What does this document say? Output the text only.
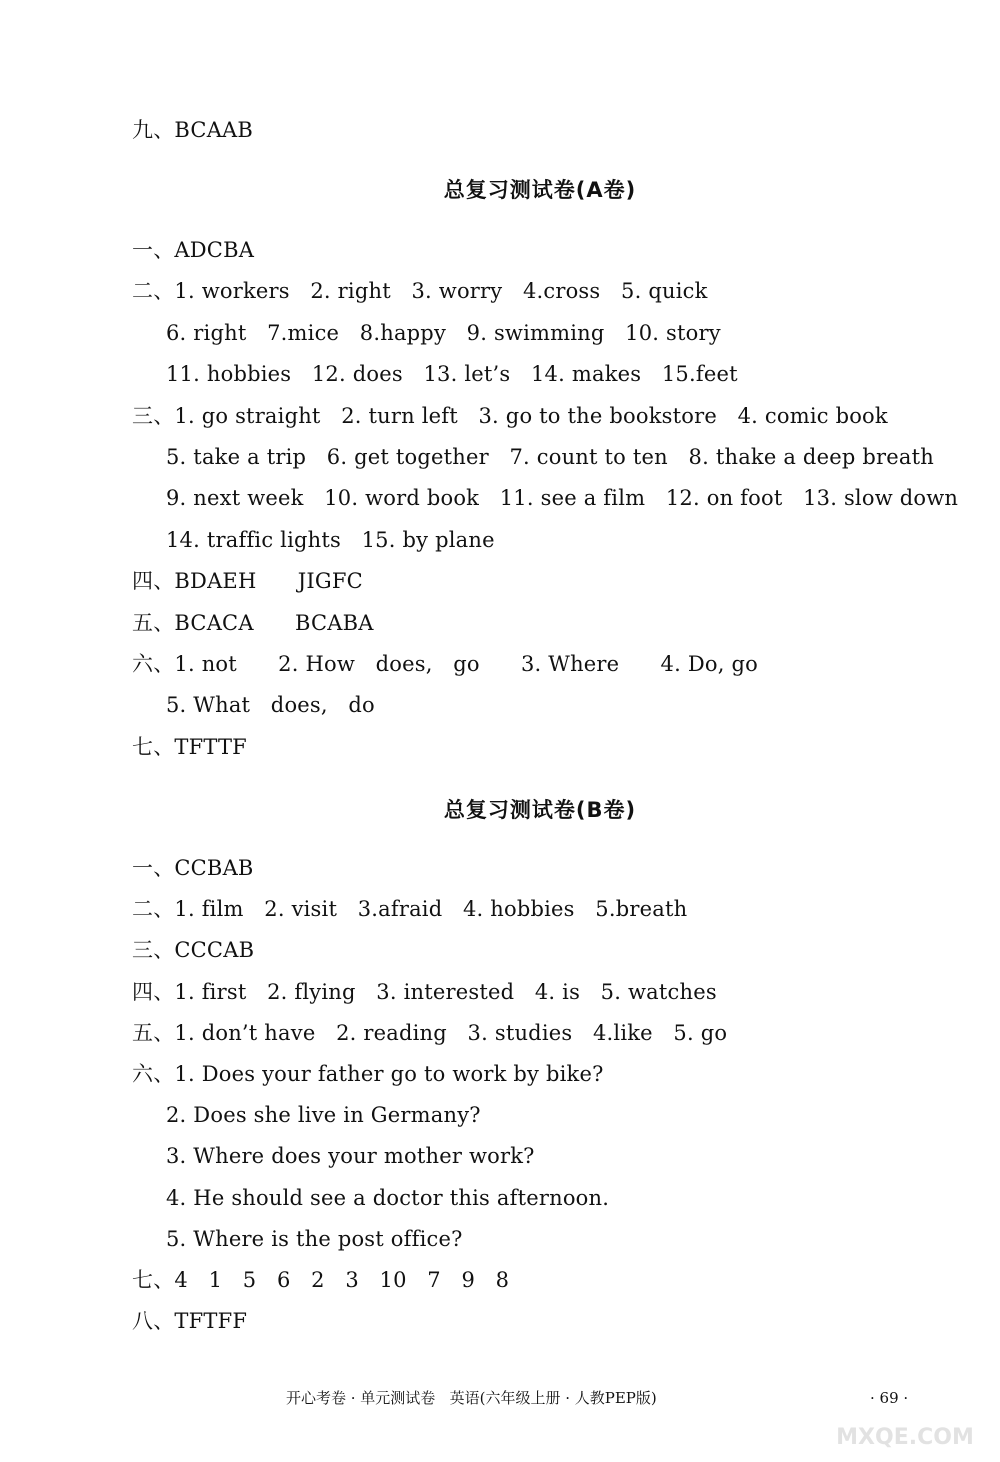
九、BCAAB
总复习测试卷(A卷)
一、ADCBA
二、1. workers   2. right   3. worry   4.cross   5. quick
6. right   7.mice   8.happy   9. swimming   10. story
11. hobbies   12. does   13. let’s   14. makes   15.feet
三、1. go straight   2. turn left   3. go to the bookstore   4. comic book
5. take a trip   6. get together   7. count to ten   8. thake a deep breath
9. next week   10. word book   11. see a film   12. on foot   13. slow down
14. traffic lights   15. by plane
四、BDAEH      JIGFC
五、BCACA      BCABA
六、1. not      2. How   does,   go      3. Where      4. Do, go
5. What   does,   do
七、TFTTF
总复习测试卷(B卷)
一、CCBAB
二、1. film   2. visit   3.afraid   4. hobbies   5.breath
三、CCCAB
四、1. first   2. flying   3. interested   4. is   5. watches
五、1. don’t have   2. reading   3. studies   4.like   5. go
六、1. Does your father go to work by bike?
2. Does she live in Germany?
3. Where does your mother work?
4. He should see a doctor this afternoon.
5. Where is the post office?
七、4   1   5   6   2   3   10   7   9   8
八、TFTFF
开心考卷 · 单元测试卷   英语(六年级上册 · 人教PEP版)	· 69 ·
MXQE.COM
